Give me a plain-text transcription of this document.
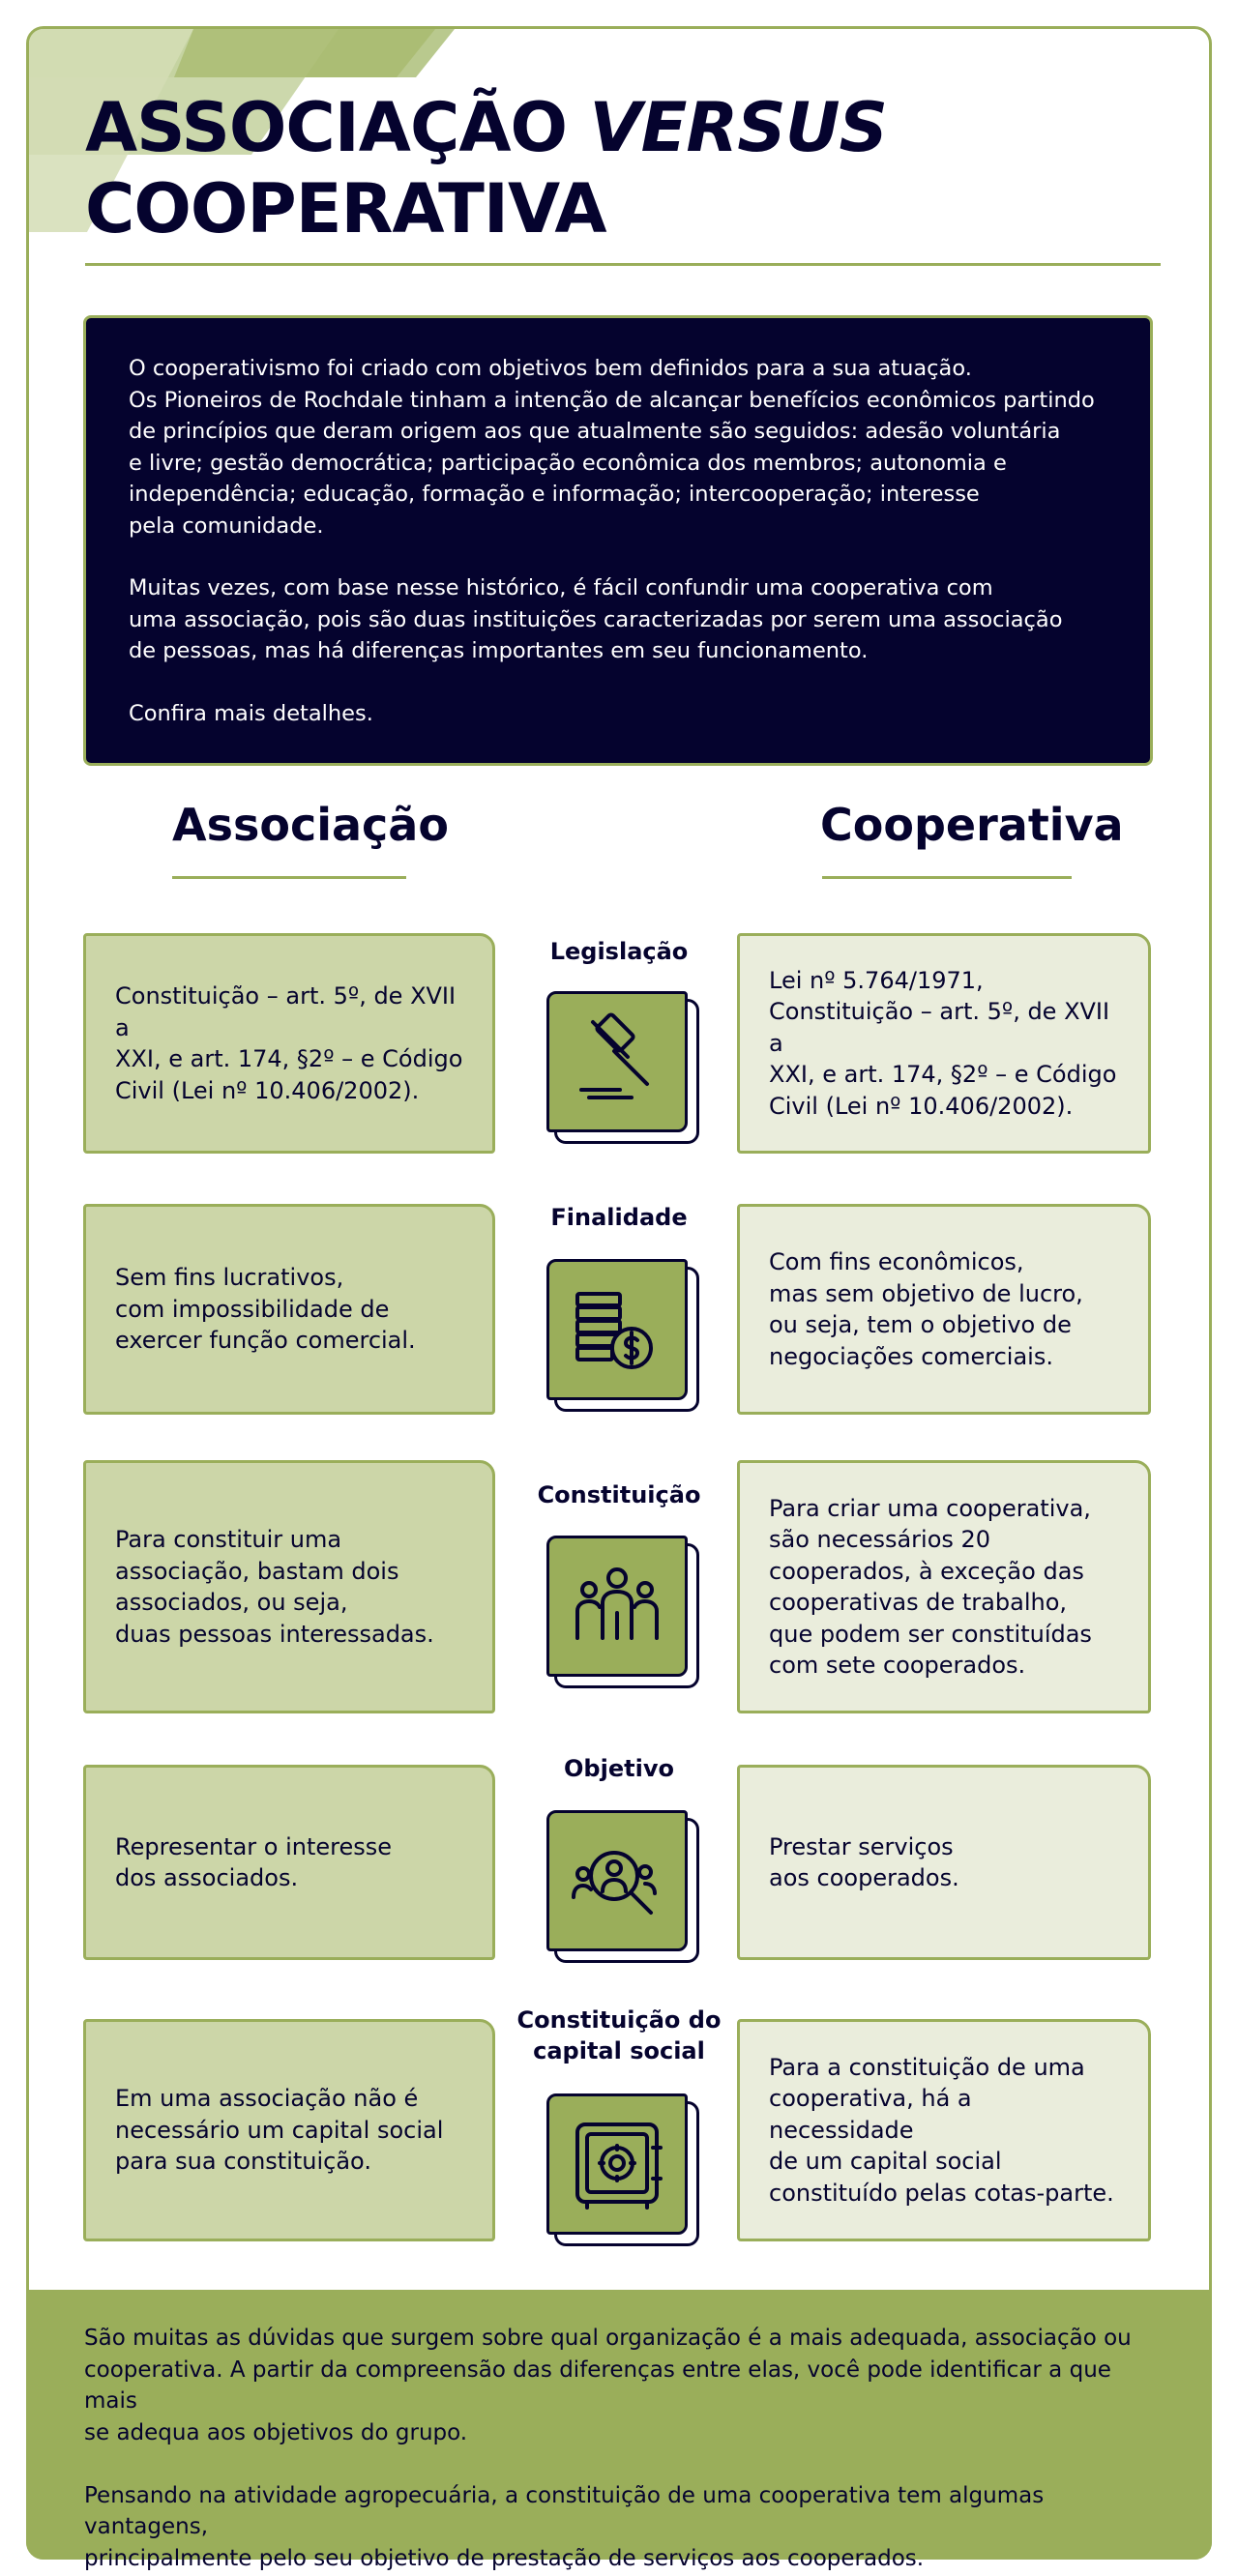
ASSOCIAÇÃO VERSUS
COOPERATIVA

O cooperativismo foi criado com objetivos bem definidos para a sua atuação.
Os Pioneiros de Rochdale tinham a intenção de alcançar benefícios econômicos partindo
de princípios que deram origem aos que atualmente são seguidos: adesão voluntária
e livre; gestão democrática; participação econômica dos membros; autonomia e
independência; educação, formação e informação; intercooperação; interesse
pela comunidade.

Muitas vezes, com base nesse histórico, é fácil confundir uma cooperativa com
uma associação, pois são duas instituições caracterizadas por serem uma associação
de pessoas, mas há diferenças importantes em seu funcionamento.

Confira mais detalhes.

Associação	Cooperativa
Constituição – art. 5º, de XVII a
XXI, e art. 174, §2º – e Código
Civil (Lei nº 10.406/2002).
Legislação
Lei nº 5.764/1971,
Constituição – art. 5º, de XVII a
XXI, e art. 174, §2º – e Código
Civil (Lei nº 10.406/2002).
Sem fins lucrativos,
com impossibilidade de
exercer função comercial.
Finalidade
Com fins econômicos,
mas sem objetivo de lucro,
ou seja, tem o objetivo de
negociações comerciais.
Para constituir uma
associação, bastam dois
associados, ou seja,
duas pessoas interessadas.
Constituição	Para criar uma cooperativa,
são necessários 20
cooperados, à exceção das
cooperativas de trabalho,
que podem ser constituídas
com sete cooperados.
Representar o interesse
dos associados.
Objetivo
Prestar serviços
aos cooperados.
Em uma associação não é
necessário um capital social
para sua constituição.
Constituição do
capital social
Para a constituição de uma
cooperativa, há a necessidade
de um capital social
constituído pelas cotas-parte.

São muitas as dúvidas que surgem sobre qual organização é a mais adequada, associação ou
cooperativa. A partir da compreensão das diferenças entre elas, você pode identificar a que mais
se adequa aos objetivos do grupo.

Pensando na atividade agropecuária, a constituição de uma cooperativa tem algumas vantagens,
principalmente pelo seu objetivo de prestação de serviços aos cooperados.
